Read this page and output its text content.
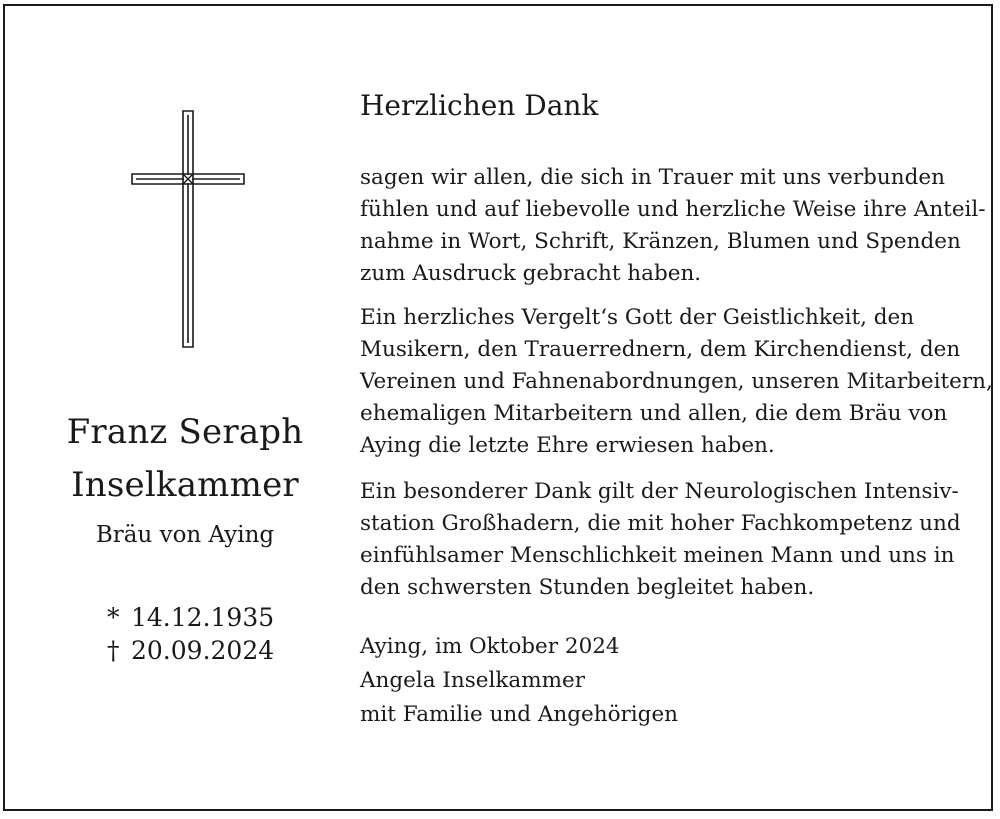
Franz Seraph
Inselkammer
Bräu von Aying
* 14.12.1935
† 20.09.2024
Herzlichen Dank
sagen wir allen, die sich in Trauer mit uns verbunden
fühlen und auf liebevolle und herzliche Weise ihre Anteil-
nahme in Wort, Schrift, Kränzen, Blumen und Spenden
zum Ausdruck gebracht haben.
Ein herzliches Vergelt‘s Gott der Geistlichkeit, den
Musikern, den Trauerrednern, dem Kirchendienst, den
Vereinen und Fahnenabordnungen, unseren Mitarbeitern,
ehemaligen Mitarbeitern und allen, die dem Bräu von
Aying die letzte Ehre erwiesen haben.
Ein besonderer Dank gilt der Neurologischen Intensiv-
station Großhadern, die mit hoher Fachkompetenz und
einfühlsamer Menschlichkeit meinen Mann und uns in
den schwersten Stunden begleitet haben.
Aying, im Oktober 2024
Angela Inselkammer
mit Familie und Angehörigen
